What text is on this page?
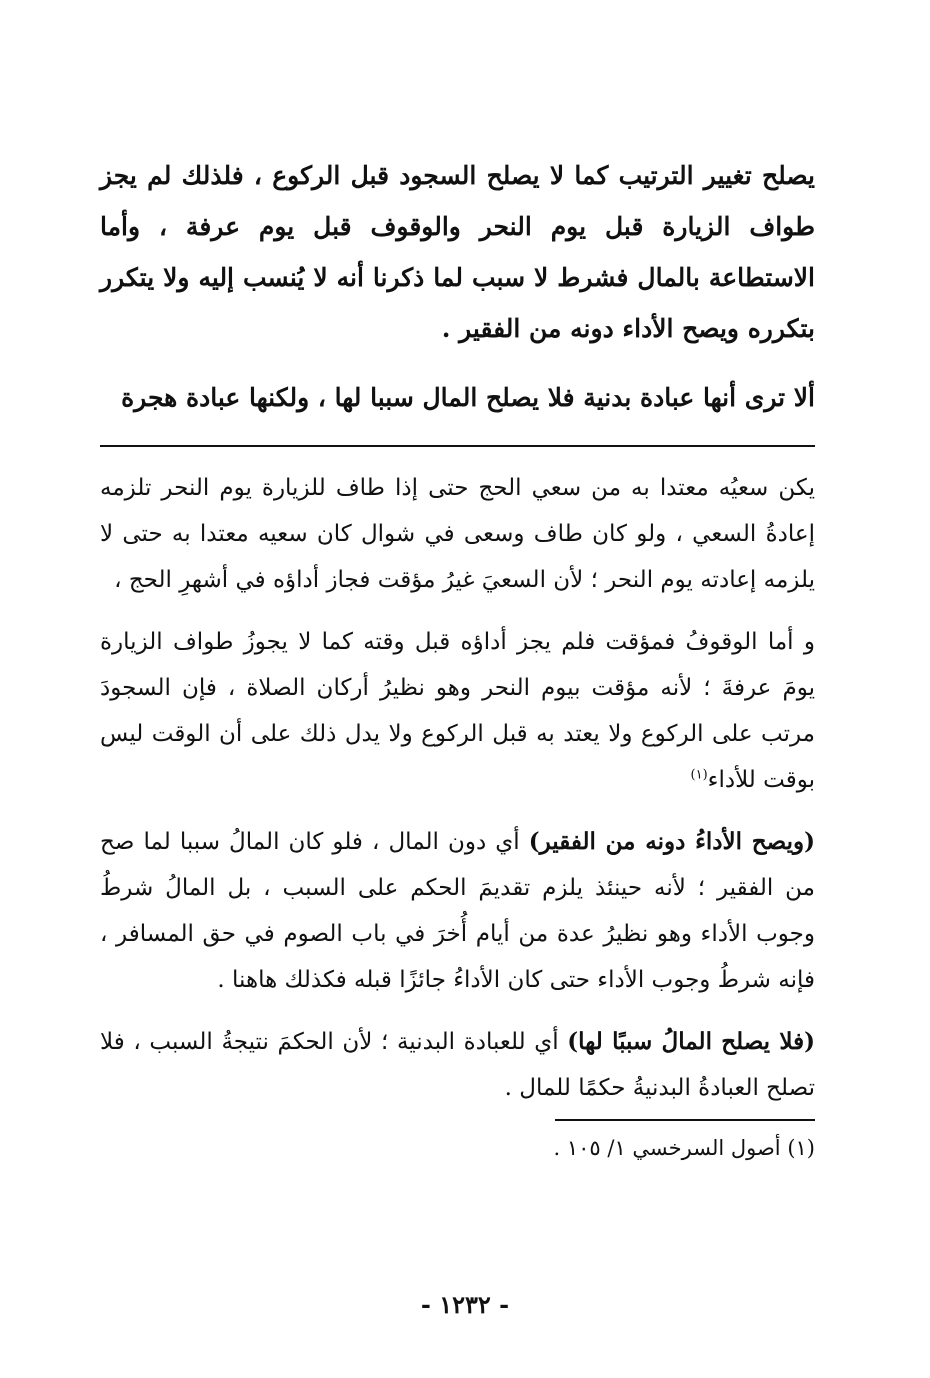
يصلح تغيير الترتيب كما لا يصلح السجود قبل الركوع ، فلذلك لم يجز طواف الزيارة قبل يوم النحر والوقوف قبل يوم عرفة ، وأما الاستطاعة بالمال فشرط لا سبب لما ذكرنا أنه لا يُنسب إليه ولا يتكرر بتكرره ويصح الأداء دونه من الفقير .

ألا ترى أنها عبادة بدنية فلا يصلح المال سببا لها ، ولكنها عبادة هجرة

يكن سعيُه معتدا به من سعي الحج حتى إذا طاف للزيارة يوم النحر تلزمه إعادةُ السعي ، ولو كان طاف وسعى في شوال كان سعيه معتدا به حتى لا يلزمه إعادته يوم النحر ؛ لأن السعيَ غيرُ مؤقت فجاز أداؤه في أشهرِ الحج ،

و أما الوقوفُ فمؤقت فلم يجز أداؤه قبل وقته كما لا يجوزُ طواف الزيارة يومَ عرفةَ ؛ لأنه مؤقت بيوم النحر وهو نظيرُ أركان الصلاة ، فإن السجودَ مرتب على الركوع ولا يعتد به قبل الركوع ولا يدل ذلك على أن الوقت ليس بوقت للأداء$^{(١)}$

(ويصح الأداءُ دونه من الفقير) أي دون المال ، فلو كان المالُ سببا لما صح من الفقير ؛ لأنه حينئذ يلزم تقديمَ الحكم على السبب ، بل المالُ شرطُ وجوب الأداء وهو نظيرُ عدة من أيام أُخرَ في باب الصوم في حق المسافر ، فإنه شرطُ وجوب الأداء حتى كان الأداءُ جائزًا قبله فكذلك هاهنا .

(فلا يصلح المالُ سببًا لها) أي للعبادة البدنية ؛ لأن الحكمَ نتيجةُ السبب ، فلا تصلح العبادةُ البدنيةُ حكمًا للمال .

(١) أصول السرخسي ١/ ١٠٥ .

- ١٢٣٢ -
